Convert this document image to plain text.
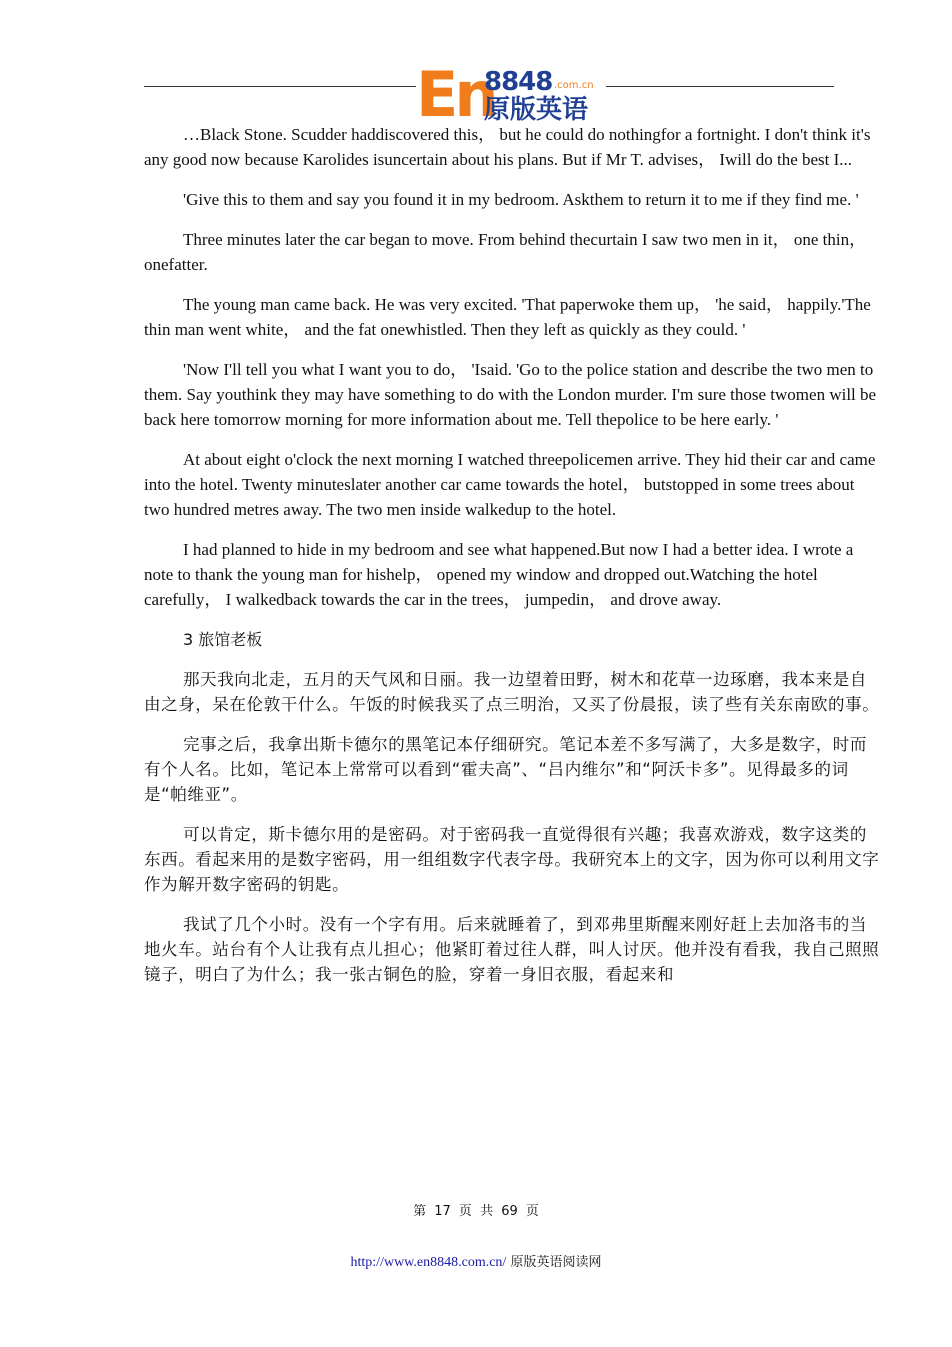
En
8848 .com.cn
原版英语

…Black Stone. Scudder haddiscovered this， but he could do nothingfor a fortnight. I don't think it's any good now because Karolides isuncertain about his plans. But if Mr T. advises， Iwill do the best I...

'Give this to them and say you found it in my bedroom. Askthem to return it to me if they find me. '

Three minutes later the car began to move. From behind thecurtain I saw two men in it， one thin， onefatter.

The young man came back. He was very excited. 'That paperwoke them up， 'he said， happily.'The thin man went white， and the fat onewhistled. Then they left as quickly as they could. '

'Now I'll tell you what I want you to do， 'Isaid. 'Go to the police station and describe the two men to them. Say youthink they may have something to do with the London murder. I'm sure those twomen will be back here tomorrow morning for more information about me. Tell thepolice to be here early. '

At about eight o'clock the next morning I watched threepolicemen arrive. They hid their car and came into the hotel. Twenty minuteslater another car came towards the hotel， butstopped in some trees about two hundred metres away. The two men inside walkedup to the hotel.

I had planned to hide in my bedroom and see what happened.But now I had a better idea. I wrote a note to thank the young man for hishelp， opened my window and dropped out.Watching the hotel carefully， I walkedback towards the car in the trees， jumpedin， and drove away.

3 旅馆老板

那天我向北走，五月的天气风和日丽。我一边望着田野，树木和花草一边琢磨，我本来是自由之身，呆在伦敦干什么。午饭的时候我买了点三明治，又买了份晨报，读了些有关东南欧的事。

完事之后，我拿出斯卡德尔的黑笔记本仔细研究。笔记本差不多写满了，大多是数字，时而有个人名。比如，笔记本上常常可以看到“霍夫高”、“吕内维尔”和“阿沃卡多”。见得最多的词是“帕维亚”。

可以肯定，斯卡德尔用的是密码。对于密码我一直觉得很有兴趣；我喜欢游戏，数字这类的东西。看起来用的是数字密码，用一组组数字代表字母。我研究本上的文字，因为你可以利用文字作为解开数字密码的钥匙。

我试了几个小时。没有一个字有用。后来就睡着了，到邓弗里斯醒来刚好赶上去加洛韦的当地火车。站台有个人让我有点儿担心；他紧盯着过往人群，叫人讨厌。他并没有看我，我自己照照镜子，明白了为什么；我一张古铜色的脸，穿着一身旧衣服，看起来和

第 17 页 共 69 页
http://www.en8848.com.cn/ 原版英语阅读网
